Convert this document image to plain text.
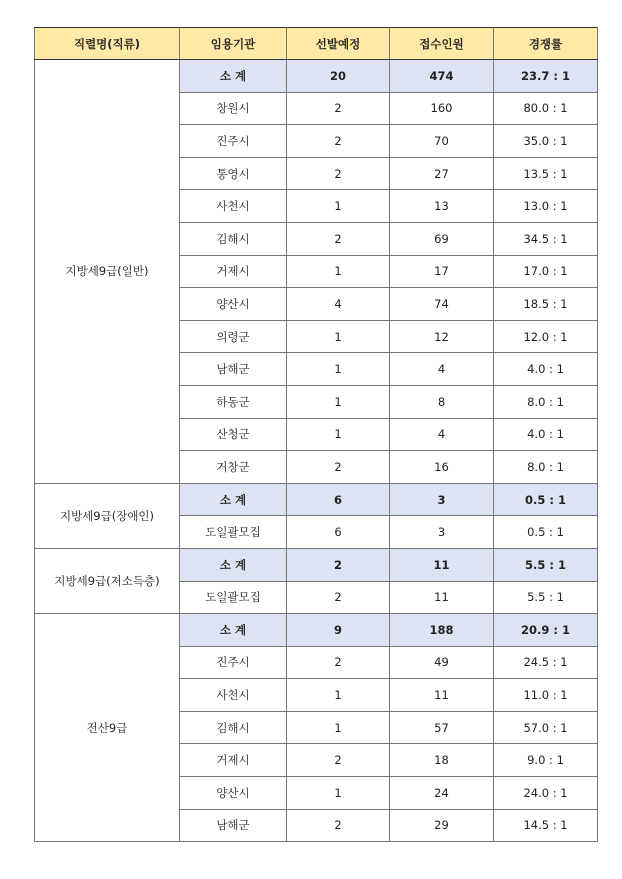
직렬명(직류)	임용기관	선발예정	접수인원	경쟁률
지방세9급(일반)	소 계	20	474	23.7 : 1
	창원시	2	160	80.0 : 1
	진주시	2	70	35.0 : 1
	통영시	2	27	13.5 : 1
	사천시	1	13	13.0 : 1
	김해시	2	69	34.5 : 1
	거제시	1	17	17.0 : 1
	양산시	4	74	18.5 : 1
	의령군	1	12	12.0 : 1
	남해군	1	4	4.0 : 1
	하동군	1	8	8.0 : 1
	산청군	1	4	4.0 : 1
	거창군	2	16	8.0 : 1
지방세9급(장애인)	소 계	6	3	0.5 : 1
	도일괄모집	6	3	0.5 : 1
지방세9급(저소득층)	소 계	2	11	5.5 : 1
	도일괄모집	2	11	5.5 : 1
전산9급	소 계	9	188	20.9 : 1
	진주시	2	49	24.5 : 1
	사천시	1	11	11.0 : 1
	김해시	1	57	57.0 : 1
	거제시	2	18	9.0 : 1
	양산시	1	24	24.0 : 1
	남해군	2	29	14.5 : 1
